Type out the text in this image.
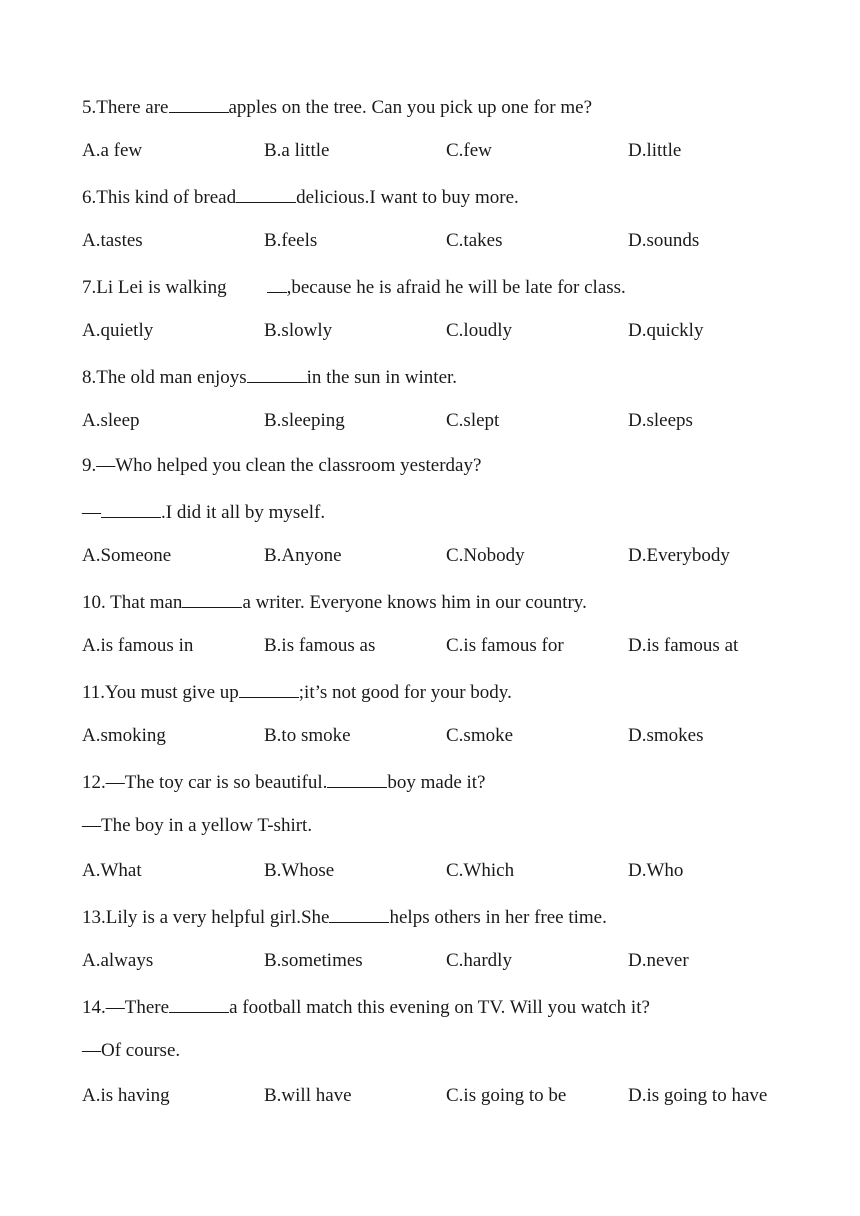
5.There are	apples on the tree. Can you pick up one for me?
A.a few	B.a little	C.few	D.little
6.This kind of bread	delicious.I want to buy more.
A.tastes	B.feels	C.takes	D.sounds
7.Li Lei is walking	,because he is afraid he will be late for class.
A.quietly	B.slowly	C.loudly	D.quickly
8.The old man enjoys	in the sun in winter.
A.sleep	B.sleeping	C.slept	D.sleeps
9.—Who helped you clean the classroom yesterday?
—	.I did it all by myself.
A.Someone	B.Anyone	C.Nobody	D.Everybody
10. That man	a writer. Everyone knows him in our country.
A.is famous in	B.is famous as	C.is famous for	D.is famous at
11.You must give up	;it’s not good for your body.
A.smoking	B.to smoke	C.smoke	D.smokes
12.—The toy car is so beautiful.	boy made it?
—The boy in a yellow T-shirt.
A.What	B.Whose	C.Which	D.Who
13.Lily is a very helpful girl.She	helps others in her free time.
A.always	B.sometimes	C.hardly	D.never
14.—There	a football match this evening on TV. Will you watch it?
—Of course.
A.is having	B.will have	C.is going to be	D.is going to have
